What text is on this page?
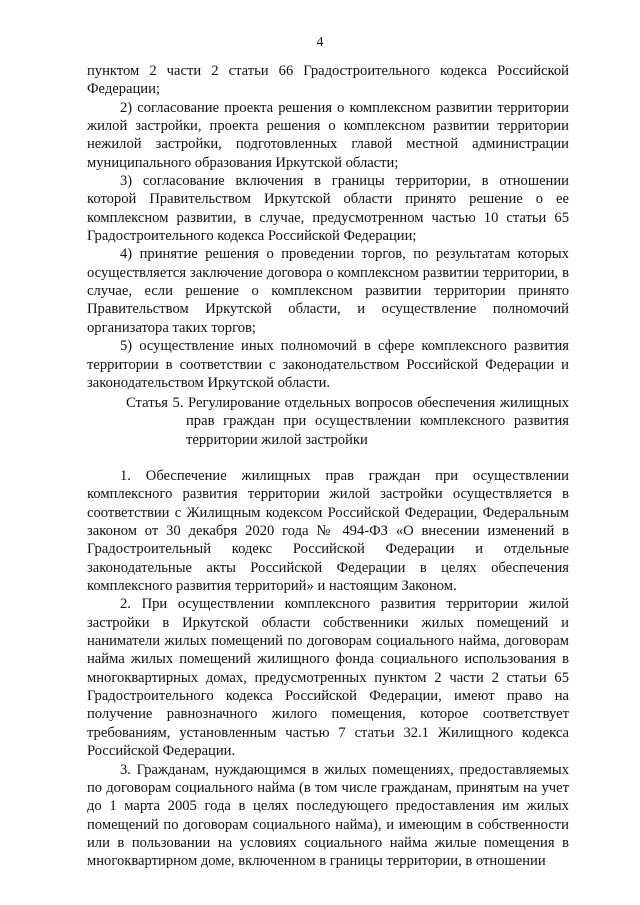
4

пунктом 2 части 2 статьи 66 Градостроительного кодекса Российской Федерации;

2) согласование проекта решения о комплексном развитии территории жилой застройки, проекта решения о комплексном развитии территории нежилой застройки, подготовленных главой местной администрации муниципального образования Иркутской области;

3) согласование включения в границы территории, в отношении которой Правительством Иркутской области принято решение о ее комплексном развитии, в случае, предусмотренном частью 10 статьи 65 Градостроительного кодекса Российской Федерации;

4) принятие решения о проведении торгов, по результатам которых осуществляется заключение договора о комплексном развитии территории, в случае, если решение о комплексном развитии территории принято Правительством Иркутской области, и осуществление полномочий организатора таких торгов;

5) осуществление иных полномочий в сфере комплексного развития территории в соответствии с законодательством Российской Федерации и законодательством Иркутской области.

Статья 5. Регулирование отдельных вопросов обеспечения жилищных прав граждан при осуществлении комплексного развития территории жилой застройки

1. Обеспечение жилищных прав граждан при осуществлении комплексного развития территории жилой застройки осуществляется в соответствии с Жилищным кодексом Российской Федерации, Федеральным законом от 30 декабря 2020 года № 494-ФЗ «О внесении изменений в Градостроительный кодекс Российской Федерации и отдельные законодательные акты Российской Федерации в целях обеспечения комплексного развития территорий» и настоящим Законом.

2. При осуществлении комплексного развития территории жилой застройки в Иркутской области собственники жилых помещений и наниматели жилых помещений по договорам социального найма, договорам найма жилых помещений жилищного фонда социального использования в многоквартирных домах, предусмотренных пунктом 2 части 2 статьи 65 Градостроительного кодекса Российской Федерации, имеют право на получение равнозначного жилого помещения, которое соответствует требованиям, установленным частью 7 статьи 32.1 Жилищного кодекса Российской Федерации.

3. Гражданам, нуждающимся в жилых помещениях, предоставляемых по договорам социального найма (в том числе гражданам, принятым на учет до 1 марта 2005 года в целях последующего предоставления им жилых помещений по договорам социального найма), и имеющим в собственности или в пользовании на условиях социального найма жилые помещения в многоквартирном доме, включенном в границы территории, в отношении
